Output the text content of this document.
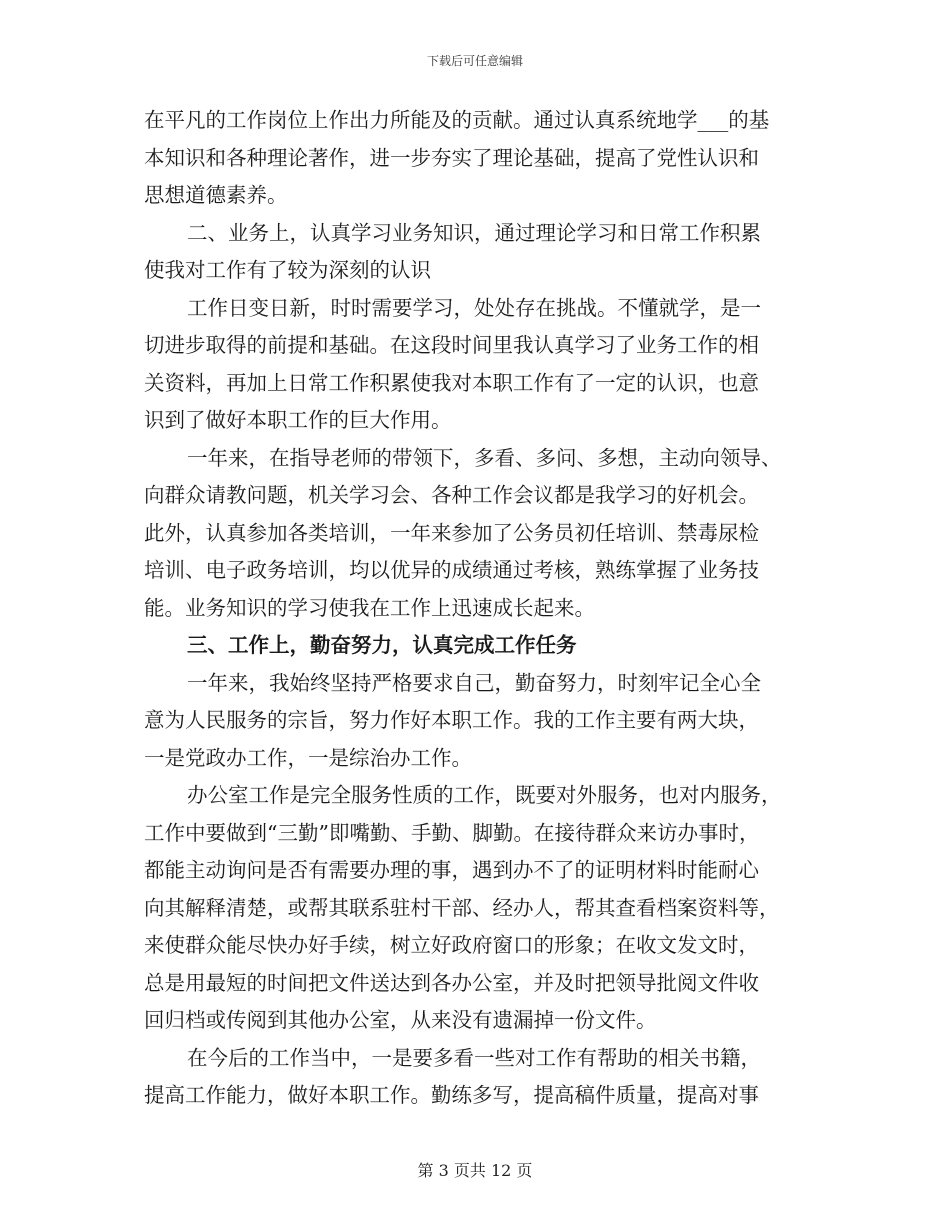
下载后可任意编辑
在平凡的工作岗位上作出力所能及的贡献。通过认真系统地学___的基
本知识和各种理论著作，进一步夯实了理论基础，提高了党性认识和
思想道德素养。
二、业务上，认真学习业务知识，通过理论学习和日常工作积累
使我对工作有了较为深刻的认识
工作日变日新，时时需要学习，处处存在挑战。不懂就学，是一
切进步取得的前提和基础。在这段时间里我认真学习了业务工作的相
关资料，再加上日常工作积累使我对本职工作有了一定的认识，也意
识到了做好本职工作的巨大作用。
一年来，在指导老师的带领下，多看、多问、多想，主动向领导、
向群众请教问题，机关学习会、各种工作会议都是我学习的好机会。
此外，认真参加各类培训，一年来参加了公务员初任培训、禁毒尿检
培训、电子政务培训，均以优异的成绩通过考核，熟练掌握了业务技
能。业务知识的学习使我在工作上迅速成长起来。
三、工作上，勤奋努力，认真完成工作任务
一年来，我始终坚持严格要求自己，勤奋努力，时刻牢记全心全
意为人民服务的宗旨，努力作好本职工作。我的工作主要有两大块，
一是党政办工作，一是综治办工作。
办公室工作是完全服务性质的工作，既要对外服务，也对内服务，
工作中要做到“三勤”即嘴勤、手勤、脚勤。在接待群众来访办事时，
都能主动询问是否有需要办理的事，遇到办不了的证明材料时能耐心
向其解释清楚，或帮其联系驻村干部、经办人，帮其查看档案资料等，
来使群众能尽快办好手续，树立好政府窗口的形象；在收文发文时，
总是用最短的时间把文件送达到各办公室，并及时把领导批阅文件收
回归档或传阅到其他办公室，从来没有遗漏掉一份文件。
在今后的工作当中，一是要多看一些对工作有帮助的相关书籍，
提高工作能力，做好本职工作。勤练多写，提高稿件质量，提高对事
第 3 页共 12 页
